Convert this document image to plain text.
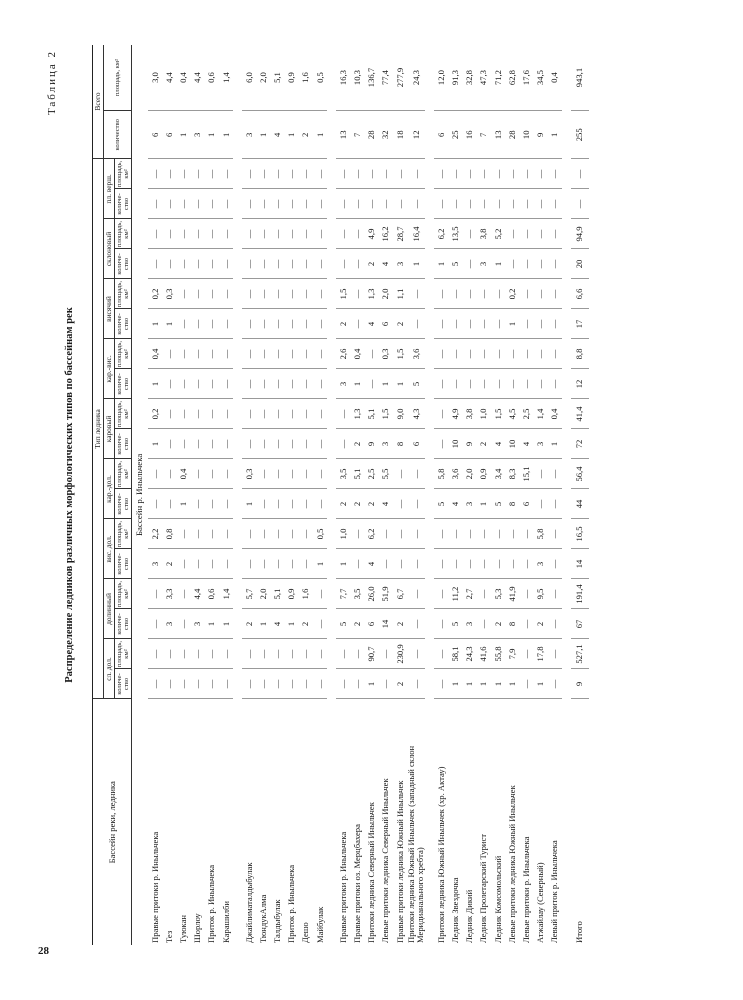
28
Таблица 2
Распределение ледников различных морфологических типов по бассейнам рек
Бассейн реки, ледника	Тип ледника																		Всего	
	сл. дол.		долинный		вис. дол.		кар.-дол.		каровый		кар.-вис.		висячий		склоновый		пл. верш.		количество	площадь, км²
	количе- ство	площадь, км²	количе- ство	площадь, км²	количе- ство	площадь, км²	количе- ство	площадь, км²	количе- ство	площадь, км²	количе- ство	площадь, км²	количе- ство	площадь, км²	количе- ство	площадь, км²	количе- ство	площадь, км²		
Бассейн р. Иныльчека																				
Правые притоки р. Иныльчека	—	—	—	—	3	2,2	—	—	1	0,2	1	0,4	1	0,2	—	—	—	—	6	3,0
Тез	—	—	3	3,3	2	0,8	—	—	—	—	—	—	1	0,3	—	—	—	—	6	4,4
Туюкан	—	—	—	—	—	—	1	0,4	—	—	—	—	—	—	—	—	—	—	1	0,4
Шорлоу	—	—	3	4,4	—	—	—	—	—	—	—	—	—	—	—	—	—	—	3	4,4
Приток р. Иныльчека	—	—	1	0,6	—	—	—	—	—	—	—	—	—	—	—	—	—	—	1	0,6
Карашилби	—	—	1	1,4	—	—	—	—	—	—	—	—	—	—	—	—	—	—	1	1,4

Джайлиматалдыбулак	—	—	2	5,7	—	—	1	0,3	—	—	—	—	—	—	—	—	—	—	3	6,0
ТюндукАлма	—	—	1	2,0	—	—	—	—	—	—	—	—	—	—	—	—	—	—	1	2,0
Талдыбулак	—	—	4	5,1	—	—	—	—	—	—	—	—	—	—	—	—	—	—	4	5,1
Приток р. Иныльчека	—	—	1	0,9	—	—	—	—	—	—	—	—	—	—	—	—	—	—	1	0,9
Дешо	—	—	2	1,6	—	—	—	—	—	—	—	—	—	—	—	—	—	—	2	1,6
Майбулак	—	—	—	—	1	0,5	—	—	—	—	—	—	—	—	—	—	—	—	1	0,5

Правые притоки р. Иныльчека	—	—	5	7,7	1	1,0	2	3,5	—	—	3	2,6	2	1,5	—	—	—	—	13	16,3
Правые притоки оз. Мерцбахера	—	—	2	3,5	—	—	2	5,1	2	1,3	1	0,4	—	—	—	—	—	—	7	10,3
Притоки ледника Северный Иныльчек	1	90,7	6	26,0	4	6,2	2	2,5	9	5,1	—	—	4	1,3	2	4,9	—	—	28	136,7
Левые притоки ледника Северный Иныльчек	—	—	14	51,9	—	—	4	5,5	3	1,5	1	0,3	6	2,0	4	16,2	—	—	32	77,4
Правые притоки ледника Южный Иныльчек	2	230,9	2	6,7	—	—	—	—	8	9,0	1	1,5	2	1,1	3	28,7	—	—	18	277,9
Притоки ледника Южный Иныльчек (западный склон Меридианального хребта)	—	—	—	—	—	—	—	—	6	4,3	5	3,6	—	—	1	16,4	—	—	12	24,3

Притоки ледника Южный Иныльчек (хр. Актау)	—	—	—	—	—	—	5	5,8	—	—	—	—	—	—	1	6,2	—	—	6	12,0
Ледник Звездочка	1	58,1	5	11,2	—	—	4	3,6	10	4,9	—	—	—	—	5	13,5	—	—	25	91,3
Ледник Дикий	1	24,3	3	2,7	—	—	3	2,0	9	3,8	—	—	—	—	—	—	—	—	16	32,8
Ледник Пролетарский Турист	1	41,6	—	—	—	—	1	0,9	2	1,0	—	—	—	—	3	3,8	—	—	7	47,3
Ледник Комсомольский	1	55,8	2	5,3	—	—	5	3,4	4	1,5	—	—	—	—	1	5,2	—	—	13	71,2
Левые притоки ледника Южный Иныльчек	1	7,9	8	41,9	—	—	8	8,3	10	4,5	—	—	1	0,2	—	—	—	—	28	62,8
Левые притоки р. Иныльчека	—	—	—	—	—	—	6	15,1	4	2,5	—	—	—	—	—	—	—	—	10	17,6
Атжайлау (Северный)	1	17,8	2	9,5	3	5,8	—	—	3	1,4	—	—	—	—	—	—	—	—	9	34,5
Левый приток р. Иныльчека	—	—	—	—	—	—	—	—	1	0,4	—	—	—	—	—	—	—	—	1	0,4

Итого	9	527,1	67	191,4	14	16,5	44	56,4	72	41,4	12	8,8	17	6,6	20	94,9	—	—	255	943,1
